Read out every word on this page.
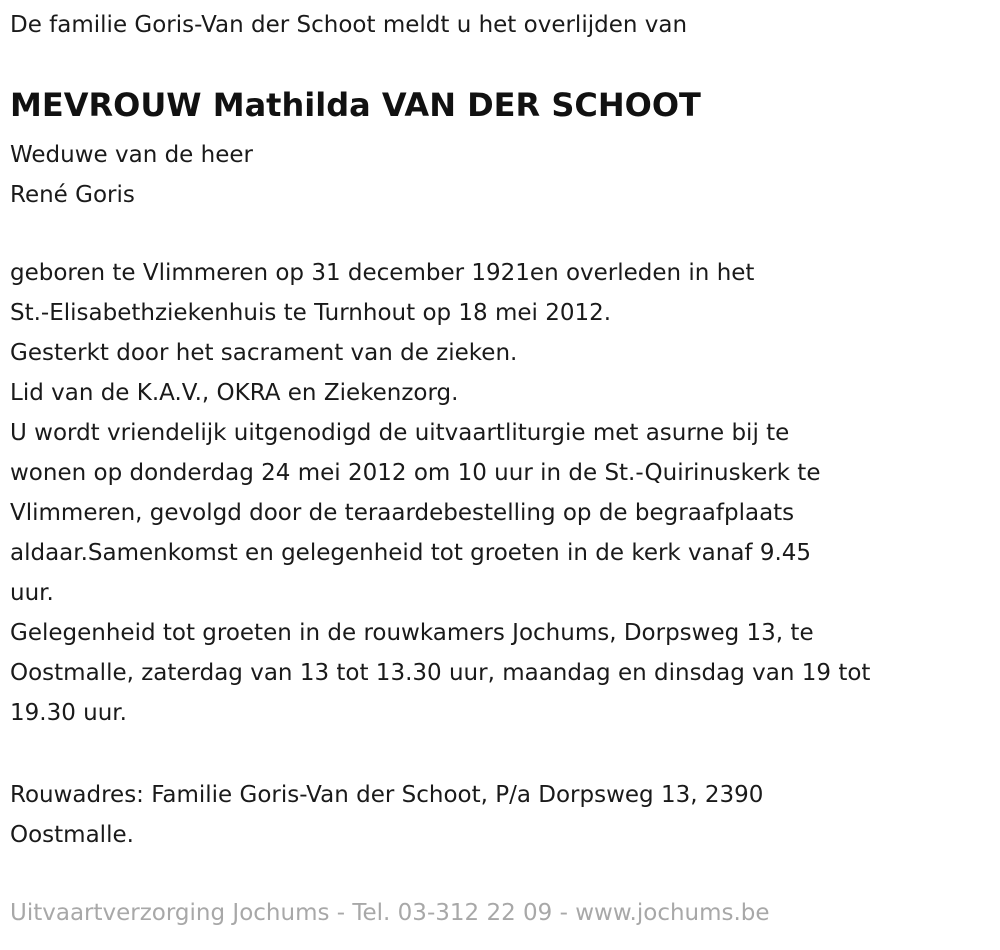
De familie Goris-Van der Schoot meldt u het overlijden van
MEVROUW Mathilda VAN DER SCHOOT
Weduwe van de heer
René Goris
geboren te Vlimmeren op 31 december 1921en overleden in het
St.-Elisabethziekenhuis te Turnhout op 18 mei 2012.
Gesterkt door het sacrament van de zieken.
Lid van de K.A.V., OKRA en Ziekenzorg.
U wordt vriendelijk uitgenodigd de uitvaartliturgie met asurne bij te
wonen op donderdag 24 mei 2012 om 10 uur in de St.-Quirinuskerk te
Vlimmeren, gevolgd door de teraardebestelling op de begraafplaats
aldaar.Samenkomst en gelegenheid tot groeten in de kerk vanaf 9.45
uur.
Gelegenheid tot groeten in de rouwkamers Jochums, Dorpsweg 13, te
Oostmalle, zaterdag van 13 tot 13.30 uur, maandag en dinsdag van 19 tot
19.30 uur.
Rouwadres: Familie Goris-Van der Schoot, P/a Dorpsweg 13, 2390
Oostmalle.
Uitvaartverzorging Jochums - Tel. 03-312 22 09 - www.jochums.be
